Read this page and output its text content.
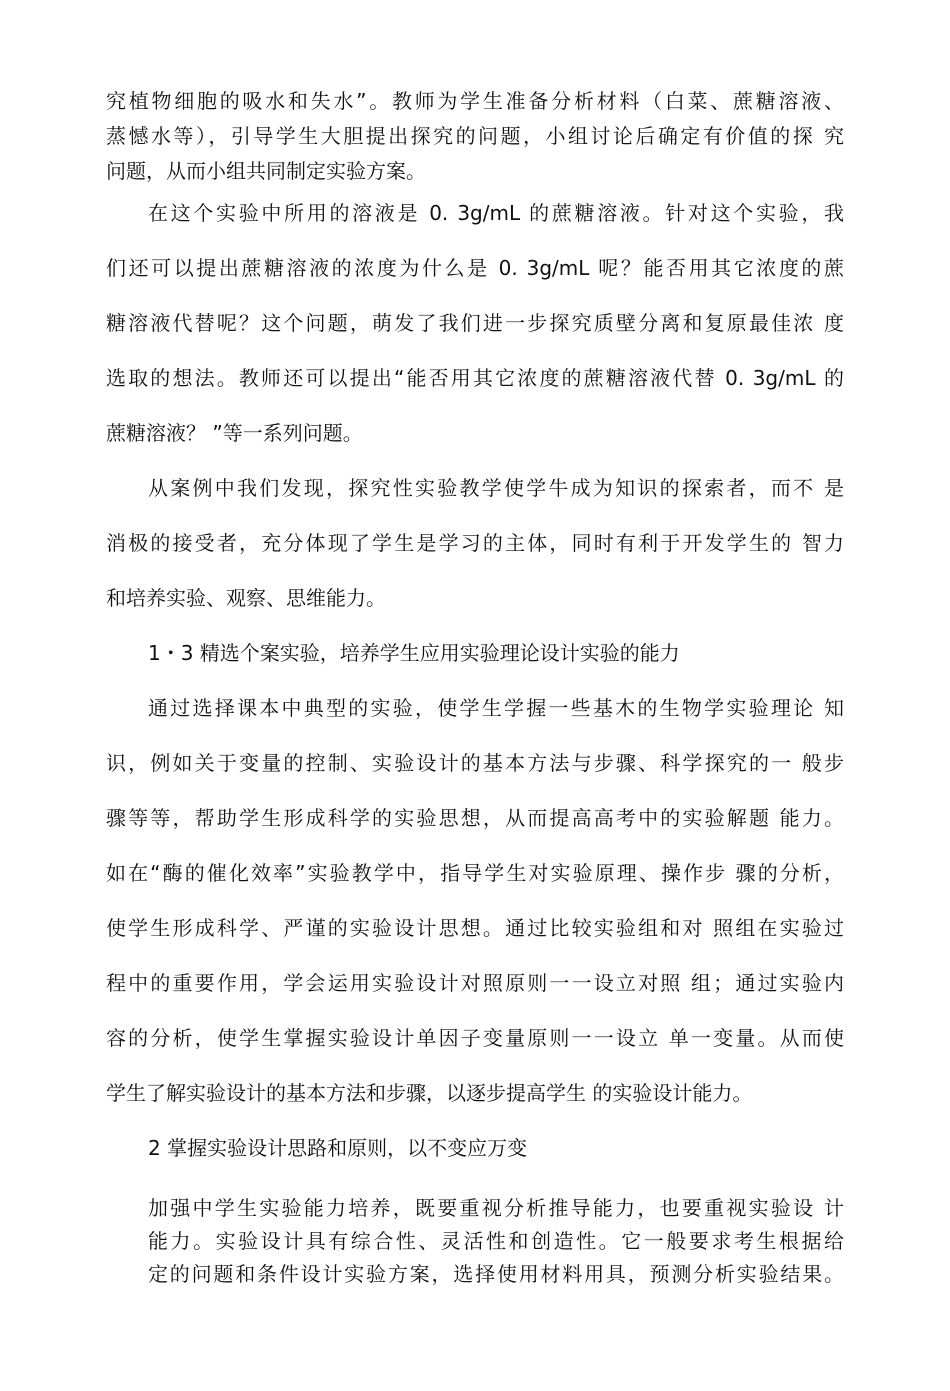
究植物细胞的吸水和失水”。教师为学生准备分析材料（白菜、蔗糖溶液、

蒸憾水等），引导学生大胆提出探究的问题，小组讨论后确定有价值的探 究

问题，从而小组共同制定实验方案。

在这个实验中所用的溶液是 0. 3g/mL 的蔗糖溶液。针对这个实验，我

们还可以提出蔗糖溶液的浓度为什么是 0. 3g/mL 呢？能否用其它浓度的蔗

糖溶液代替呢？这个问题，萌发了我们进一步探究质壁分离和复原最佳浓 度

选取的想法。教师还可以提出“能否用其它浓度的蔗糖溶液代替 0. 3g/mL 的

蔗糖溶液？ ”等一系列问题。

从案例中我们发现，探究性实验教学使学牛成为知识的探索者，而不 是

消极的接受者，充分体现了学生是学习的主体，同时有利于开发学生的 智力

和培养实验、观察、思维能力。

1・3 精选个案实验，培养学生应用实验理论设计实验的能力

通过选择课本中典型的实验，使学生学握一些基木的生物学实验理论 知

识，例如关于变量的控制、实验设计的基本方法与步骤、科学探究的一 般步

骤等等，帮助学生形成科学的实验思想，从而提高高考中的实验解题 能力。

如在“酶的催化效率”实验教学中，指导学生对实验原理、操作步 骤的分析，

使学生形成科学、严谨的实验设计思想。通过比较实验组和对 照组在实验过

程中的重要作用，学会运用实验设计对照原则一一设立对照 组；通过实验内

容的分析，使学生掌握实验设计单因子变量原则一一设立 单一变量。从而使

学生了解实验设计的基本方法和步骤，以逐步提高学生 的实验设计能力。

2 掌握实验设计思路和原则，以不变应万变

加强中学生实验能力培养，既要重视分析推导能力，也要重视实验设 计

能力。实验设计具有综合性、灵活性和创造性。它一般要求考生根据给

定的问题和条件设计实验方案，选择使用材料用具，预测分析实验结果。
